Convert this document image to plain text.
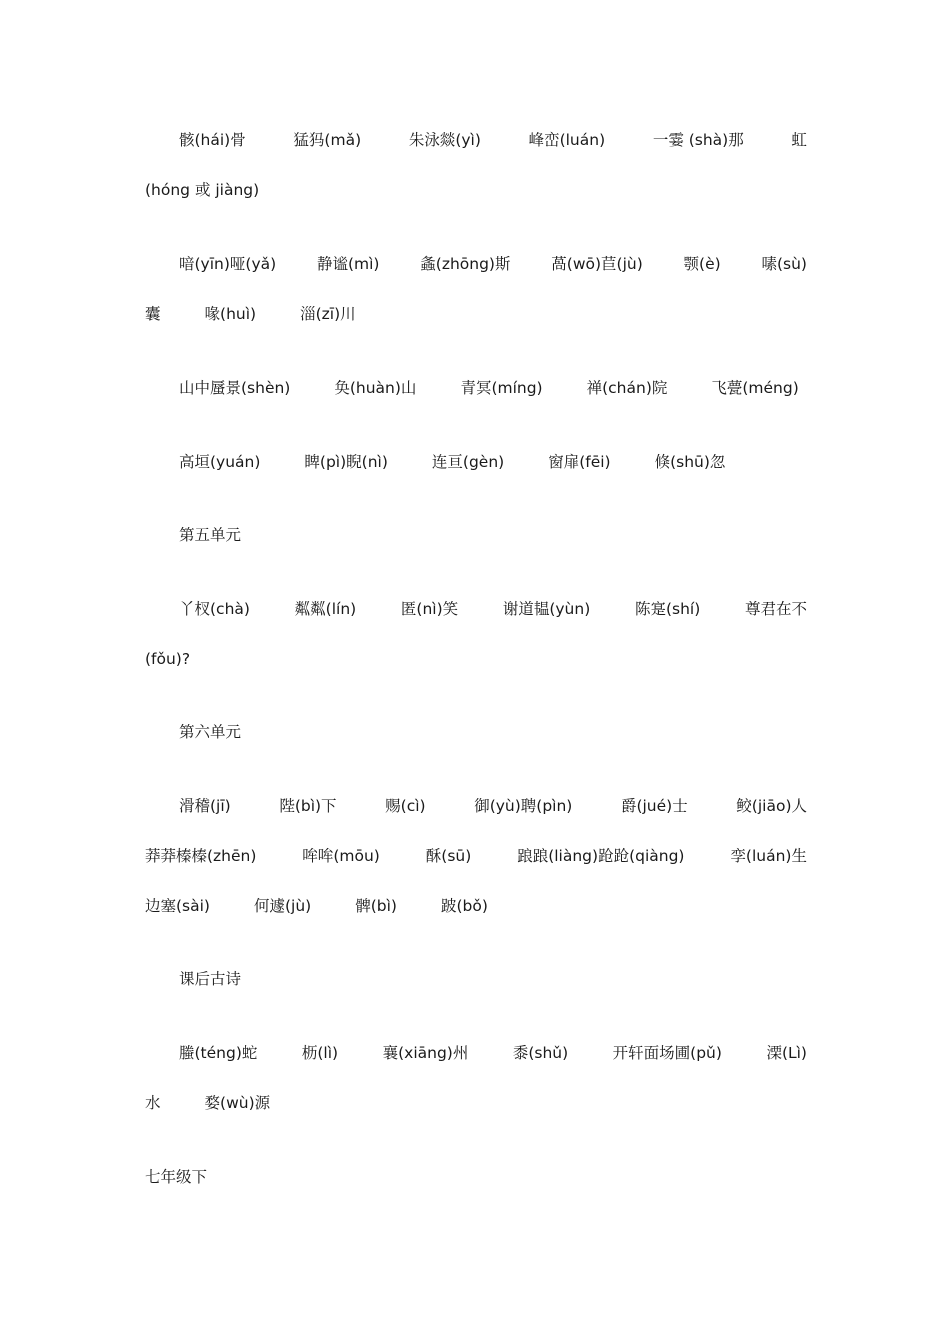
骸(hái)骨	猛犸(mǎ)	朱泳燚(yì)	峰峦(luán)	一霎 (shà)那	虹
(hóng 或 jiàng)
喑(yīn)哑(yǎ)	静谧(mì)	螽(zhōng)斯	萵(wō)苣(jù)	颚(è)	嗉(sù)
囊	喙(huì)	淄(zī)川
山中蜃景(shèn)	奂(huàn)山	青冥(míng)	禅(chán)院	飞甍(méng)
高垣(yuán)	睥(pì)睨(nì)	连亘(gèn)	窗扉(fēi)	倏(shū)忽
第五单元
丫杈(chà)	粼粼(lín)	匿(nì)笑	谢道韫(yùn)	陈寔(shí)	尊君在不
(fǒu)?
第六单元
滑稽(jī)	陛(bì)下	赐(cì)	御(yù)聘(pìn)	爵(jué)士	鲛(jiāo)人
莽莽榛榛(zhēn)	哞哞(mōu)	酥(sū)	踉踉(liàng)跄跄(qiàng)	孪(luán)生
边塞(sài)	何遽(jù)	髀(bì)	跛(bǒ)
课后古诗
螣(téng)蛇	枥(lì)	襄(xiāng)州	黍(shǔ)	开轩面场圃(pǔ)	溧(Lì)
水	婺(wù)源
七年级下
